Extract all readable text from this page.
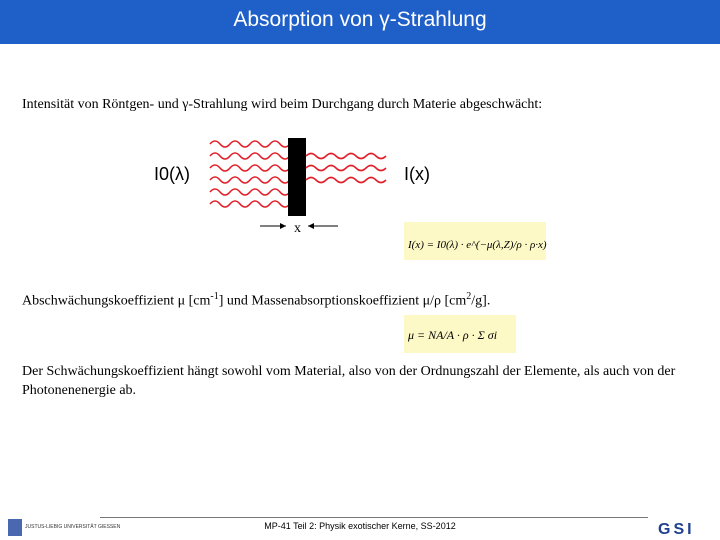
Absorption von γ-Strahlung
Intensität von Röntgen- und γ-Strahlung wird beim Durchgang durch Materie abgeschwächt:
I0(λ)	I(x)
x
I(x) = I0(λ) · e^(−μ(λ,Z)/ρ · ρ·x)
Abschwächungskoeffizient μ $[cm^{-1}]$ und Massenabsorptionskoeffizient μ/ρ $[cm^2/g]$.
μ = NA/A · ρ · Σ σi
Der Schwächungskoeffizient hängt sowohl vom Material, also von der Ordnungszahl der Elemente, als auch von der Photonenenergie ab.
MP-41 Teil 2: Physik exotischer Kerne, SS-2012
JUSTUS-LIEBIG UNIVERSITÄT GIESSEN	GSI
